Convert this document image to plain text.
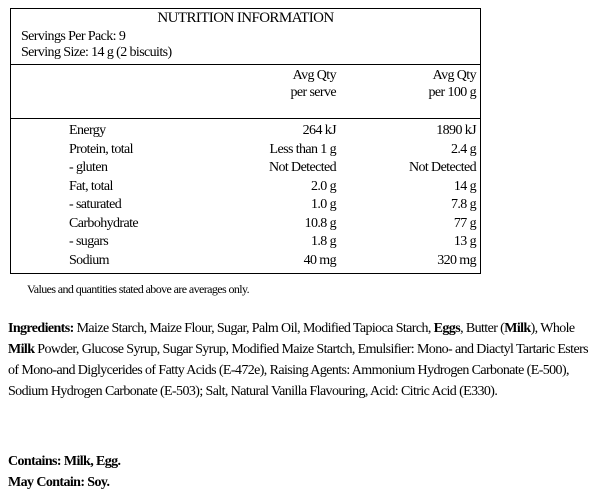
NUTRITION INFORMATION
Servings Per Pack: 9
Serving Size: 14 g (2 biscuits)
Avg Qty
per serve
Avg Qty
per 100 g
Energy	264 kJ	1890 kJ
Protein, total	Less than 1 g	2.4 g
- gluten	Not Detected	Not Detected
Fat, total	2.0 g	14 g
- saturated	1.0 g	7.8 g
Carbohydrate	10.8 g	77 g
- sugars	1.8 g	13 g
Sodium	40 mg	320 mg
Values and quantities stated above are averages only.
Ingredients: Maize Starch, Maize Flour, Sugar, Palm Oil, Modified Tapioca Starch, Eggs, Butter (Milk), Whole Milk Powder, Glucose Syrup, Sugar Syrup, Modified Maize Startch, Emulsifier: Mono- and Diactyl Tartaric Esters of Mono-and Diglycerides of Fatty Acids (E-472e), Raising Agents: Ammonium Hydrogen Carbonate (E-500), Sodium Hydrogen Carbonate (E-503); Salt, Natural Vanilla Flavouring, Acid: Citric Acid (E330).
Contains: Milk, Egg.
May Contain: Soy.
